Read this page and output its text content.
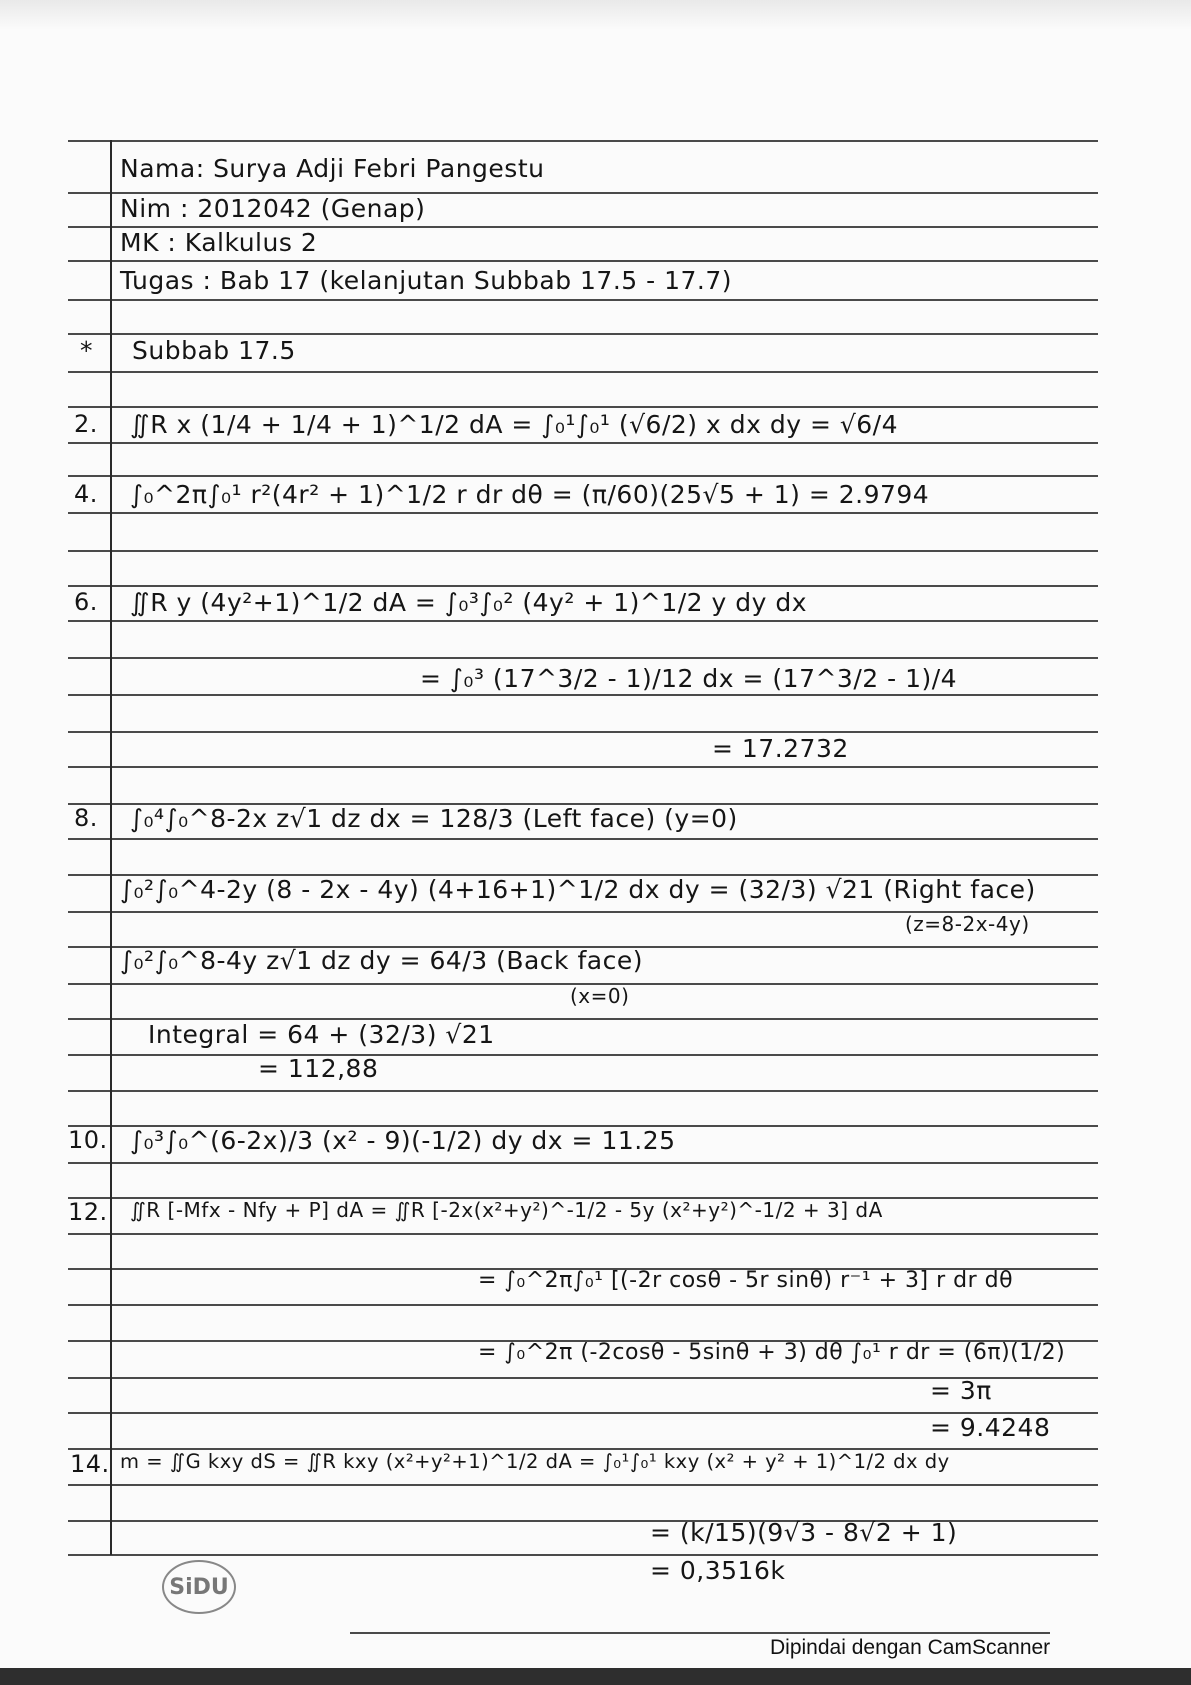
Nama: Surya Adji Febri Pangestu
Nim : 2012042 (Genap)
MK : Kalkulus 2
Tugas : Bab 17 (kelanjutan Subbab 17.5 - 17.7)
* Subbab 17.5
2. ∬R x (1/4 + 1/4 + 1)^1/2 dA = ∫₀¹∫₀¹ (√6/2) x dx dy = √6/4
4. ∫₀^2π∫₀¹ r²(4r² + 1)^1/2 r dr dθ = (π/60)(25√5 + 1) = 2.9794
6. ∬R y (4y²+1)^1/2 dA = ∫₀³∫₀² (4y² + 1)^1/2 y dy dx
= ∫₀³ (17^3/2 - 1)/12 dx = (17^3/2 - 1)/4
= 17.2732
8. ∫₀⁴∫₀^8-2x z√1 dz dx = 128/3 (Left face) (y=0)
∫₀²∫₀^4-2y (8 - 2x - 4y) (4+16+1)^1/2 dx dy = (32/3) √21 (Right face)
(z=8-2x-4y)
∫₀²∫₀^8-4y z√1 dz dy = 64/3 (Back face)
(x=0)
Integral = 64 + (32/3) √21
= 112,88
10. ∫₀³∫₀^(6-2x)/3 (x² - 9)(-1/2) dy dx = 11.25
12. ∬R [-Mfx - Nfy + P] dA = ∬R [-2x(x²+y²)^-1/2 - 5y (x²+y²)^-1/2 + 3] dA
= ∫₀^2π∫₀¹ [(-2r cosθ - 5r sinθ) r⁻¹ + 3] r dr dθ
= ∫₀^2π (-2cosθ - 5sinθ + 3) dθ ∫₀¹ r dr = (6π)(1/2)
= 3π
= 9.4248
14. m = ∬G kxy dS = ∬R kxy (x²+y²+1)^1/2 dA = ∫₀¹∫₀¹ kxy (x² + y² + 1)^1/2 dx dy
= (k/15)(9√3 - 8√2 + 1)
= 0,3516k
SiDU
Dipindai dengan CamScanner
